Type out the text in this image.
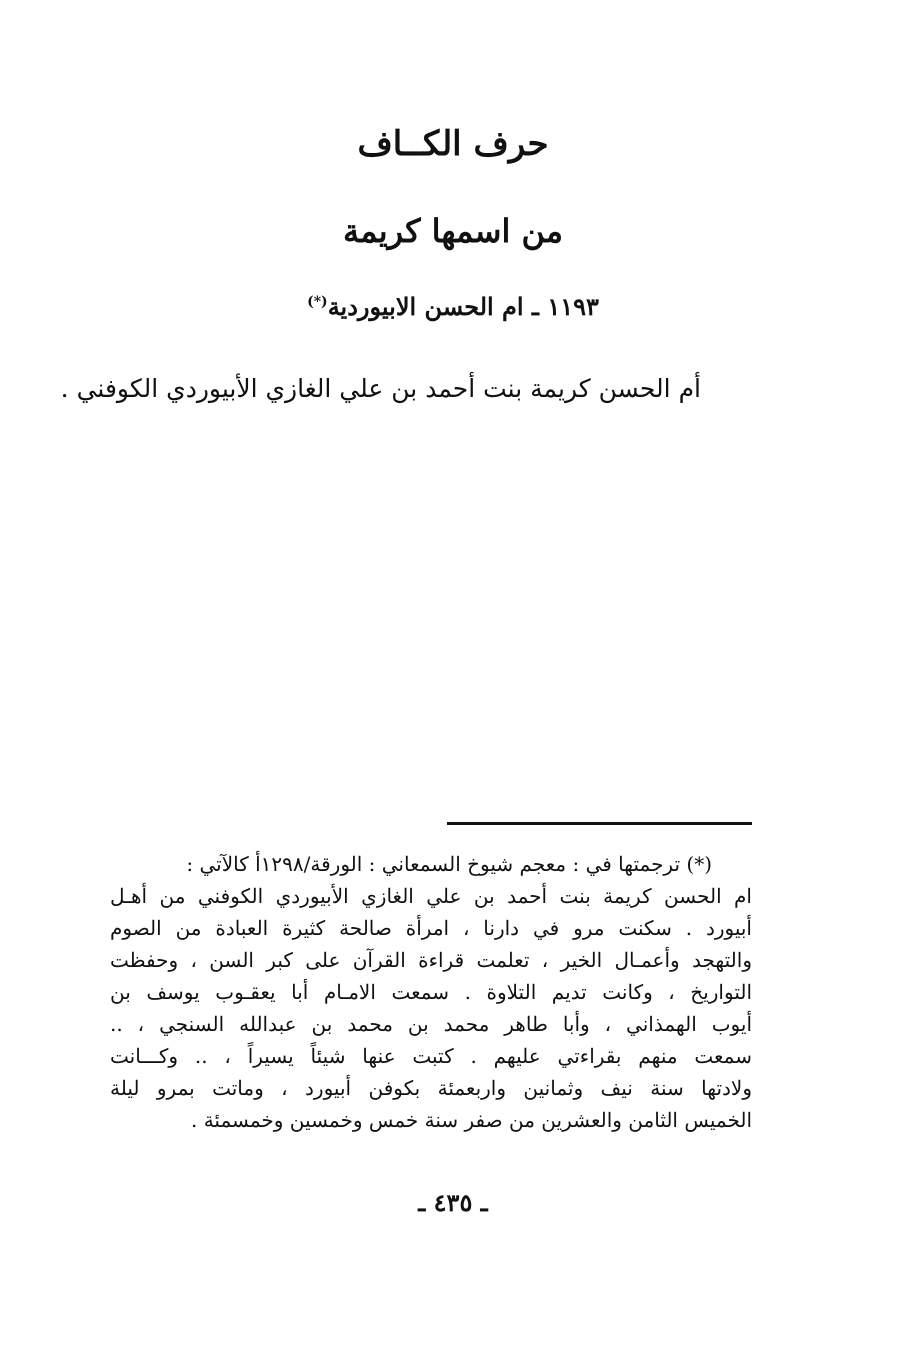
حرف الكــاف
من اسمها كريمة
١١٩٣ ـ ام الحسن الابيوردية(*)
أم الحسن كريمة بنت أحمد بن علي الغازي الأبيوردي الكوفني .
(*) ترجمتها في : معجم شيوخ السمعاني : الورقة/١٢٩٨أ كالآتي :
ام الحسن كريمة بنت أحمد بن علي الغازي الأبيوردي الكوفني من أهـل
أبيورد . سكنت مرو في دارنا ، امرأة صالحة كثيرة العبادة من الصوم
والتهجد وأعمـال الخير ، تعلمت قراءة القرآن على كبر السن ، وحفظت
التواريخ ، وكانت تديم التلاوة . سمعت الامـام أبا يعقـوب يوسف بن
أيوب الهمذاني ، وأبا طاهر محمد بن محمد بن عبدالله السنجي ، ..
سمعت منهم بقراءتي عليهم . كتبت عنها شيئاً يسيراً ، .. وكـــانت
ولادتها سنة نيف وثمانين واربعمئة بكوفن أبيورد ، وماتت بمرو ليلة
الخميس الثامن والعشرين من صفر سنة خمس وخمسين وخمسمئة .
ـ ٤٣٥ ـ
